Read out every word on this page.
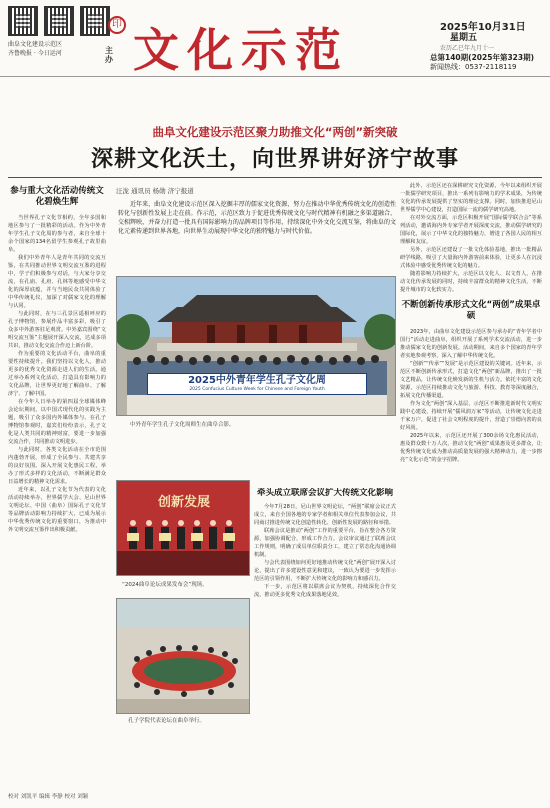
曲阜文化建设示范区
齐鲁晚报 · 今日运河	主办
印 文化示范	2025年10月31日
星期五
农历乙巳年九月十一
总第140期(2025年第323期)
新闻热线：0537-2118119
曲阜文化建设示范区聚力助推文化“两创”新突破
深耕文化沃土，向世界讲好济宁故事
参与重大文化活动传统文化碧焕生辉

当世界孔子文化节相约，全年多国和地区参与了一批精彩的活动。作为中外青年学生孔子文化周的参与者，来自全球十余个国家的134名留学生参观孔子故里曲阜。

我们中外青年人是青年共同的交流互鉴，在共同推动世界文明交流互鉴的进程中，学子们积极参与对话，与大家分享交流，在孔庙、孔府、孔林等地感受中华文化的深厚底蕴，并与当地民众共同体验了中华传统礼仪，加深了对儒家文化的理解与认同。

与此同时，在与三孔景区遥相呼应的孔子博物馆，参展作品丰富多彩，吸引了众多中外游客驻足观赏。中外嘉宾围绕“文明交流互鉴”主题展开深入交流，达成多项共识，推动文化交流合作迈上新台阶。

作为重要的文化活动平台，曲阜的重要性持续提升。我们坚持以文化人，推动更多的优秀文化资源走进人们的生活。通过举办系列文化活动，打造具有影响力的文化品牌，让世界更好地了解曲阜、了解济宁、了解中国。

在今年人日举办的第四届全球媒体峰会论坛期间，以中国式现代化的实践为主题，吸引了众多国内外媒体参与。在孔子博物馆参观时，嘉宾们纷纷表示，孔子文化是人类共同的精神财富，要进一步加强交流合作，共同推动文明进步。

与此同时，各类文化活动在全市范围内蓬勃开展，形成了全民参与、共建共享的良好氛围。深入开展文化惠民工程，举办了形式多样的文化活动，不断满足群众日益增长的精神文化需求。

近年来，以孔子文化节为代表的文化活动持续举办，世界儒学大会、尼山世界文明论坛、中国（曲阜）国际孔子文化节等品牌活动影响力持续扩大，已成为展示中华优秀传统文化的重要窗口，为推动中外文明交流互鉴作出积极贡献。

汪泷 通讯员 杨勋 济宁报道
近年来，曲阜文化建设示范区深入挖掘丰厚的儒家文化资源，努力在推动中华优秀传统文化的创造性转化与创新性发展上走在前。作示范，示范区致力于促进优秀传统文化与时代精神有机融之多渠道融合、交相辉映，并奋力打造一批具有国际影响力的品牌项目等作用，持续深化中外文化交流互鉴，将曲阜的文化元素传递到世界各地，向世界生动展现中华文化的独特魅力与时代价值。
2025中外青年学生孔子文化周
2025 Confucius Culture Week for Chinese and Foreign Youth
中外青年学生孔子文化周师生在曲阜合影。
创新发展
“2024曲阜论坛成果发布会”现场。
牵头成立联席会议扩大传统文化影响

今年7月28日，尼山世界文明论坛，“两创”联席会议正式成立，来自全国各地的专家学者和相关单位代表参加会议，共同商讨推进传统文化创造性转化、创新性发展的路径和举措。

联席会议是推动“两创”工作的重要平台，旨在整合各方资源，加强协调配合，形成工作合力。会议审议通过了联席会议工作规则，明确了成员单位职责分工，建立了常态化沟通协调机制。

与会代表围绕如何更好地推动传统文化“两创”展开深入讨论，提出了许多建设性意见和建议，一致认为要进一步发挥示范区的引领作用，不断扩大传统文化的影响力和感召力。

下一步，示范区将以联席会议为契机，持续深化合作交流，推动更多优秀文化成果落地见效。

孔子学院代表论坛在曲阜举行。

此外，示范区还在深耕研究文化资源，今年以来组织开展一批儒学研究项目，推出一系列有影响力的学术成果，为传统文化的传承发展提供了坚实的理论支撑。同时，加快推进尼山世界儒学中心建设，打造国际一流的儒学研究高地。

在对外交流方面，示范区积极开展“国际儒学联合会”等系列活动，邀请海内外专家学者开展深度交流，推动儒学研究的国际化，展示了中华文化的独特魅力，增进了各国人民的相互理解和友谊。

另外，示范区还建设了一批文化体验基地，推出一批精品研学线路，吸引了大量海内外游客前来体验，让更多人在沉浸式体验中感受优秀传统文化的魅力。

随着影响力持续扩大，示范区以文化人、以文育人，在推动文化传承发展的同时，持续丰富群众的精神文化生活，不断提升城市的文化软实力。

不断创新传承形式文化“两创”成果卓硕

2023年，由曲阜文化建设示范区参与承办的“青年学者中国行”活动走进曲阜，组织开展了系列学术交流活动，进一步推动儒家文化的创新发展。活动期间，来自多个国家的青年学者实地参观考察，深入了解中华传统文化。

“创新”“传承”“发展”是示范区建设的关键词。近年来，示范区不断创新传承形式，打造文化“两创”新品牌，推出了一批文艺精品，让传统文化焕发新的生机与活力。依托丰富的文化资源，示范区持续推动文化与旅游、科技、教育等深度融合，拓展文化传播渠道。

作为文化“两创”深入基层，示范区不断推进新时代文明实践中心建设，持续开展“儒风润万家”等活动，让传统文化走进千家万户，促进了社会文明程度的提升，营造了崇德向善的良好风尚。

2025年以来，示范区还开展了300余场文化惠民活动，惠及群众数十万人次，推动文化“两创”成果惠及更多群众，让优秀传统文化成为推动高质量发展的强大精神动力，进一步擦亮“文化示范”的金字招牌。

校对 刘凯平 编辑 李静 校对 刘颖
